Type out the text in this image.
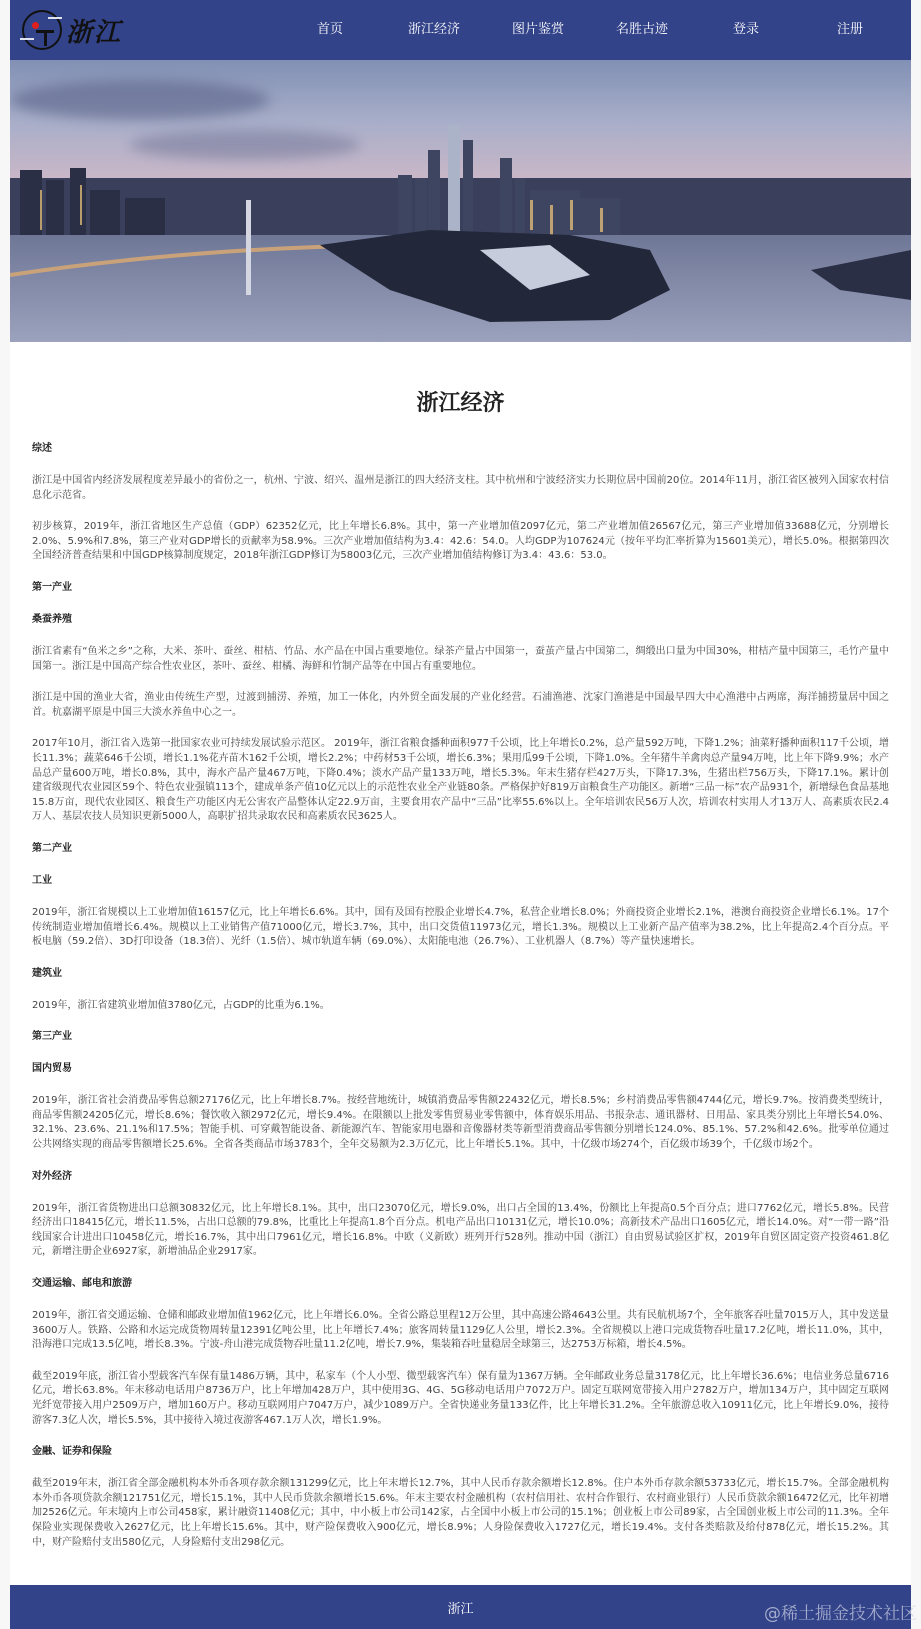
浙江	首页	浙江经济	图片鉴赏	名胜古迹	登录	注册
浙江经济
综述

浙江是中国省内经济发展程度差异最小的省份之一，杭州、宁波、绍兴、温州是浙江的四大经济支柱。其中杭州和宁波经济实力长期位居中国前20位。2014年11月，浙江省区被列入国家农村信息化示范省。

初步核算，2019年，浙江省地区生产总值（GDP）62352亿元，比上年增长6.8%。其中，第一产业增加值2097亿元，第二产业增加值26567亿元，第三产业增加值33688亿元，分别增长2.0%、5.9%和7.8%，第三产业对GDP增长的贡献率为58.9%。三次产业增加值结构为3.4：42.6：54.0。人均GDP为107624元（按年平均汇率折算为15601美元），增长5.0%。根据第四次全国经济普查结果和中国GDP核算制度规定，2018年浙江GDP修订为58003亿元，三次产业增加值结构修订为3.4：43.6：53.0。

第一产业
桑蚕养殖

浙江省素有“鱼米之乡”之称，大米、茶叶、蚕丝、柑桔、竹品、水产品在中国占重要地位。绿茶产量占中国第一，蚕茧产量占中国第二，绸缎出口量为中国30%，柑桔产量中国第三，毛竹产量中国第一。浙江是中国高产综合性农业区，茶叶、蚕丝、柑橘、海鲜和竹制产品等在中国占有重要地位。

浙江是中国的渔业大省，渔业由传统生产型，过渡到捕涝、养殖，加工一体化，内外贸全面发展的产业化经营。石浦渔港、沈家门渔港是中国最早四大中心渔港中占两席，海洋捕捞量居中国之首。杭嘉湖平原是中国三大淡水养鱼中心之一。

2017年10月，浙江省入选第一批国家农业可持续发展试验示范区。 2019年，浙江省粮食播种面积977千公顷，比上年增长0.2%，总产量592万吨，下降1.2%；油菜籽播种面积117千公顷，增长11.3%；蔬菜646千公顷，增长1.1%花卉苗木162千公顷，增长2.2%；中药材53千公顷，增长6.3%；果用瓜99千公顷，下降1.0%。全年猪牛羊禽肉总产量94万吨，比上年下降9.9%；水产品总产量600万吨，增长0.8%，其中，海水产品产量467万吨，下降0.4%；淡水产品产量133万吨，增长5.3%。年末生猪存栏427万头，下降17.3%，生猪出栏756万头，下降17.1%。累计创建省级现代农业园区59个、特色农业强镇113个，建成单条产值10亿元以上的示范性农业全产业链80条。严格保护好819万亩粮食生产功能区。新增“三品一标”农产品931个，新增绿色食品基地15.8万亩，现代农业园区、粮食生产功能区内无公害农产品整体认定22.9万亩，主要食用农产品中“三品”比率55.6%以上。全年培训农民56万人次，培训农村实用人才13万人、高素质农民2.4万人、基层农技人员知识更新5000人，高职扩招共录取农民和高素质农民3625人。

第二产业
工业

2019年，浙江省规模以上工业增加值16157亿元，比上年增长6.6%。其中，国有及国有控股企业增长4.7%，私营企业增长8.0%；外商投资企业增长2.1%，港澳台商投资企业增长6.1%。17个传统制造业增加值增长6.4%。规模以上工业销售产值71000亿元，增长3.7%，其中，出口交货值11973亿元，增长1.3%。规模以上工业新产品产值率为38.2%，比上年提高2.4个百分点。平板电脑（59.2倍）、3D打印设备（18.3倍）、光纤（1.5倍）、城市轨道车辆（69.0%）、太阳能电池（26.7%）、工业机器人（8.7%）等产量快速增长。

建筑业

2019年，浙江省建筑业增加值3780亿元，占GDP的比重为6.1%。

第三产业
国内贸易

2019年，浙江省社会消费品零售总额27176亿元，比上年增长8.7%。按经营地统计，城镇消费品零售额22432亿元，增长8.5%；乡村消费品零售额4744亿元，增长9.7%。按消费类型统计，商品零售额24205亿元，增长8.6%；餐饮收入额2972亿元，增长9.4%。在限额以上批发零售贸易业零售额中，体育娱乐用品、书报杂志、通讯器材、日用品、家具类分别比上年增长54.0%、32.1%、23.6%、21.1%和17.5%；智能手机、可穿戴智能设备、新能源汽车、智能家用电器和音像器材类等新型消费商品零售额分别增长124.0%、85.1%、57.2%和42.6%。批零单位通过公共网络实现的商品零售额增长25.6%。全省各类商品市场3783个，全年交易额为2.3万亿元，比上年增长5.1%。其中，十亿级市场274个，百亿级市场39个，千亿级市场2个。

对外经济

2019年，浙江省货物进出口总额30832亿元，比上年增长8.1%。其中，出口23070亿元，增长9.0%，出口占全国的13.4%，份额比上年提高0.5个百分点；进口7762亿元，增长5.8%。民营经济出口18415亿元，增长11.5%，占出口总额的79.8%，比重比上年提高1.8个百分点。机电产品出口10131亿元，增长10.0%；高新技术产品出口1605亿元，增长14.0%。对“一带一路”沿线国家合计进出口10458亿元，增长16.7%，其中出口7961亿元，增长16.8%。中欧（义新欧）班列开行528列。推动中国（浙江）自由贸易试验区扩权，2019年自贸区固定资产投资461.8亿元，新增注册企业6927家，新增油品企业2917家。

交通运输、邮电和旅游

2019年，浙江省交通运输、仓储和邮政业增加值1962亿元，比上年增长6.0%。全省公路总里程12万公里，其中高速公路4643公里。共有民航机场7个，全年旅客吞吐量7015万人，其中发送量3600万人。铁路、公路和水运完成货物周转量12391亿吨公里，比上年增长7.4%；旅客周转量1129亿人公里，增长2.3%。全省规模以上港口完成货物吞吐量17.2亿吨，增长11.0%，其中，沿海港口完成13.5亿吨，增长8.3%。宁波-舟山港完成货物吞吐量11.2亿吨，增长7.9%，集装箱吞吐量稳居全球第三，达2753万标箱，增长4.5%。

截至2019年底，浙江省小型载客汽车保有量1486万辆，其中，私家车（个人小型、微型载客汽车）保有量为1367万辆。全年邮政业务总量3178亿元，比上年增长36.6%；电信业务总量6716亿元，增长63.8%。年末移动电话用户8736万户，比上年增加428万户，其中使用3G、4G、5G移动电话用户7072万户。固定互联网宽带接入用户2782万户，增加134万户，其中固定互联网光纤宽带接入用户2509万户，增加160万户。移动互联网用户7047万户，减少1089万户。全省快递业务量133亿件，比上年增长31.2%。全年旅游总收入10911亿元，比上年增长9.0%，接待游客7.3亿人次，增长5.5%，其中接待入境过夜游客467.1万人次，增长1.9%。

金融、证券和保险

截至2019年末，浙江省全部金融机构本外币各项存款余额131299亿元，比上年末增长12.7%，其中人民币存款余额增长12.8%。住户本外币存款余额53733亿元，增长15.7%。全部金融机构本外币各项贷款余额121751亿元，增长15.1%，其中人民币贷款余额增长15.6%。年末主要农村金融机构（农村信用社、农村合作银行、农村商业银行）人民币贷款余额16472亿元，比年初增加2526亿元。年末境内上市公司458家，累计融资11408亿元；其中，中小板上市公司142家，占全国中小板上市公司的15.1%；创业板上市公司89家，占全国创业板上市公司的11.3%。全年保险业实现保费收入2627亿元，比上年增长15.6%。其中，财产险保费收入900亿元，增长8.9%；人身险保费收入1727亿元，增长19.4%。支付各类赔款及给付878亿元，增长15.2%。其中，财产险赔付支出580亿元，人身险赔付支出298亿元。

浙江	@稀土掘金技术社区
